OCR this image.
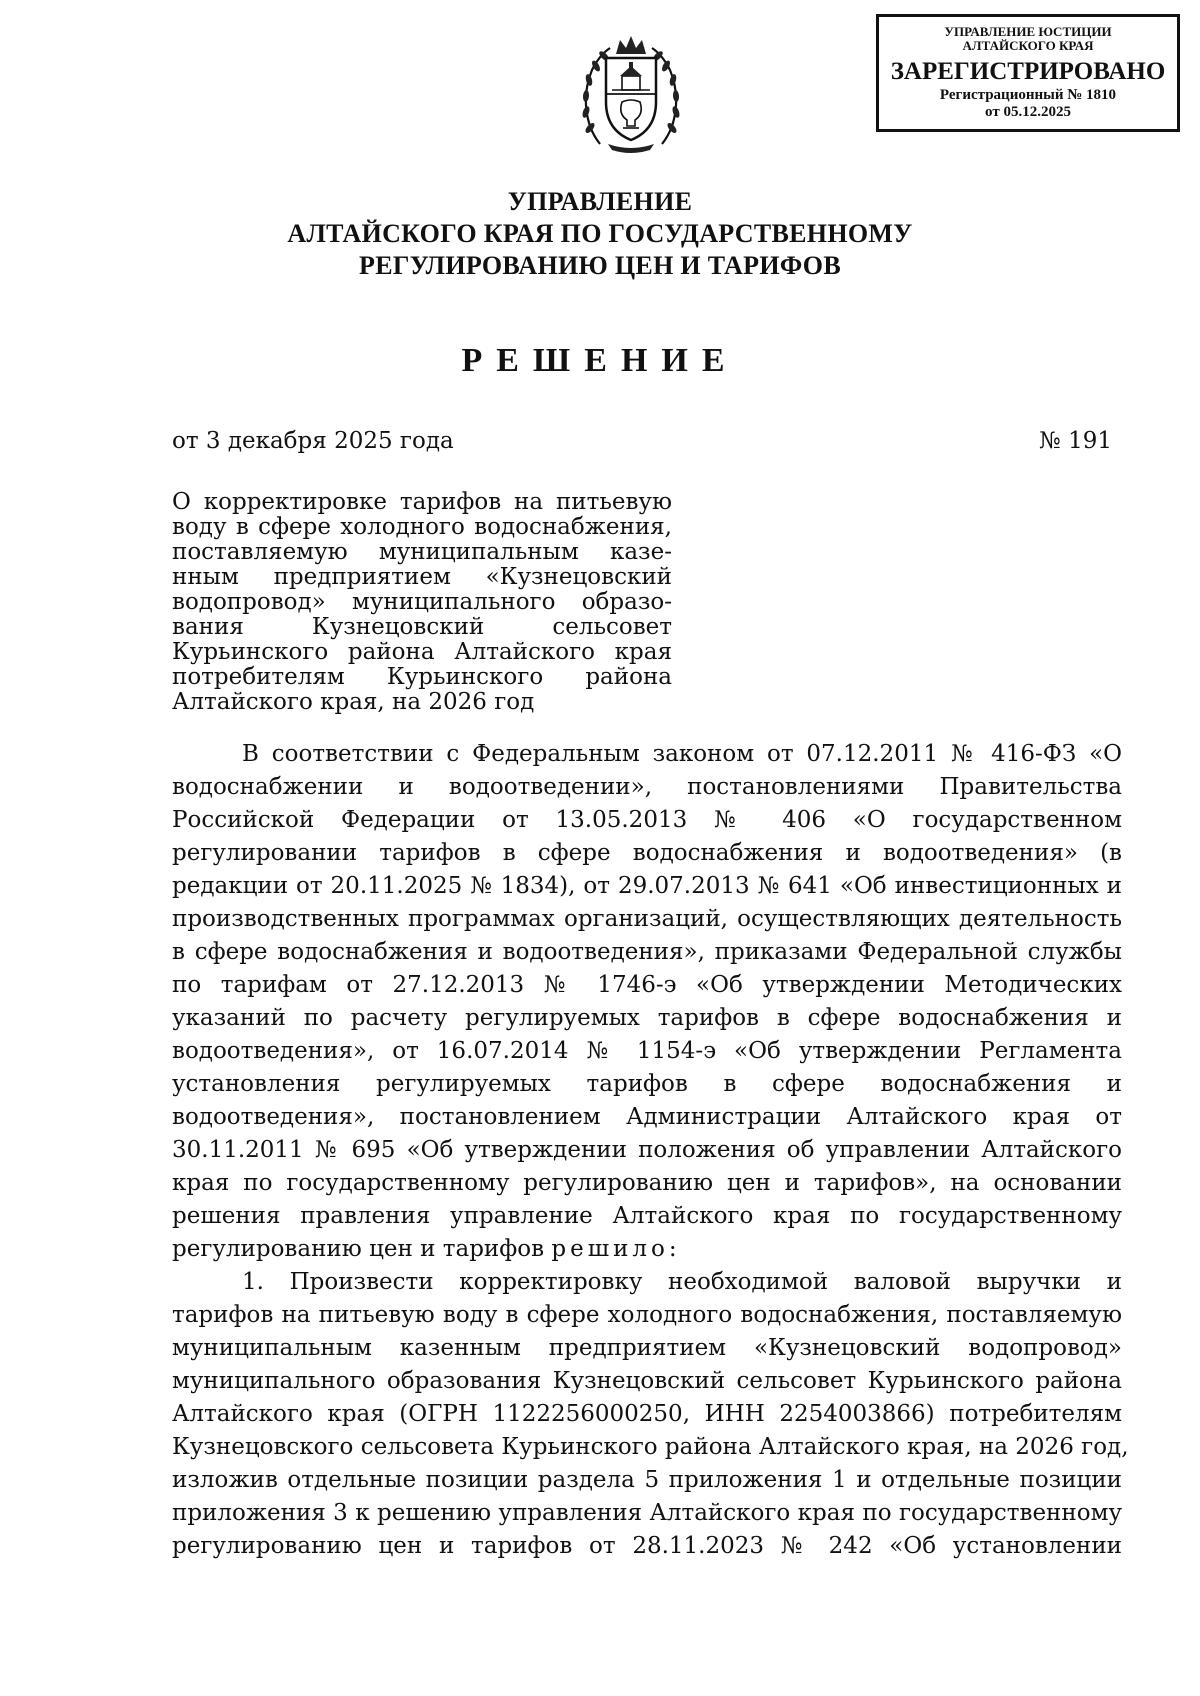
УПРАВЛЕНИЕ ЮСТИЦИИ
АЛТАЙСКОГО КРАЯ
ЗАРЕГИСТРИРОВАНО
Регистрационный № 1810
от 05.12.2025
УПРАВЛЕНИЕ
АЛТАЙСКОГО КРАЯ ПО ГОСУДАРСТВЕННОМУ
РЕГУЛИРОВАНИЮ ЦЕН И ТАРИФОВ
РЕШЕНИЕ
от 3 декабря 2025 года	№ 191
О корректировке тарифов на питьевую
воду в сфере холодного водоснабжения,
поставляемую муниципальным казе-
нным предприятием «Кузнецовский
водопровод» муниципального образо-
вания Кузнецовский сельсовет
Курьинского района Алтайского края
потребителям Курьинского района
Алтайского края, на 2026 год
В соответствии с Федеральным законом от 07.12.2011 № 416-ФЗ «О
водоснабжении и водоотведении», постановлениями Правительства
Российской Федерации от 13.05.2013 № 406 «О государственном
регулировании тарифов в сфере водоснабжения и водоотведения» (в
редакции от 20.11.2025 № 1834), от 29.07.2013 № 641 «Об инвестиционных и
производственных программах организаций, осуществляющих деятельность
в сфере водоснабжения и водоотведения», приказами Федеральной службы
по тарифам от 27.12.2013 № 1746-э «Об утверждении Методических
указаний по расчету регулируемых тарифов в сфере водоснабжения и
водоотведения», от 16.07.2014 № 1154-э «Об утверждении Регламента
установления регулируемых тарифов в сфере водоснабжения и
водоотведения», постановлением Администрации Алтайского края от
30.11.2011 № 695 «Об утверждении положения об управлении Алтайского
края по государственному регулированию цен и тарифов», на основании
решения правления управление Алтайского края по государственному
регулированию цен и тарифов решило:
1. Произвести корректировку необходимой валовой выручки и
тарифов на питьевую воду в сфере холодного водоснабжения, поставляемую
муниципальным казенным предприятием «Кузнецовский водопровод»
муниципального образования Кузнецовский сельсовет Курьинского района
Алтайского края (ОГРН 1122256000250, ИНН 2254003866) потребителям
Кузнецовского сельсовета Курьинского района Алтайского края, на 2026 год,
изложив отдельные позиции раздела 5 приложения 1 и отдельные позиции
приложения 3 к решению управления Алтайского края по государственному
регулированию цен и тарифов от 28.11.2023 № 242 «Об установлении
